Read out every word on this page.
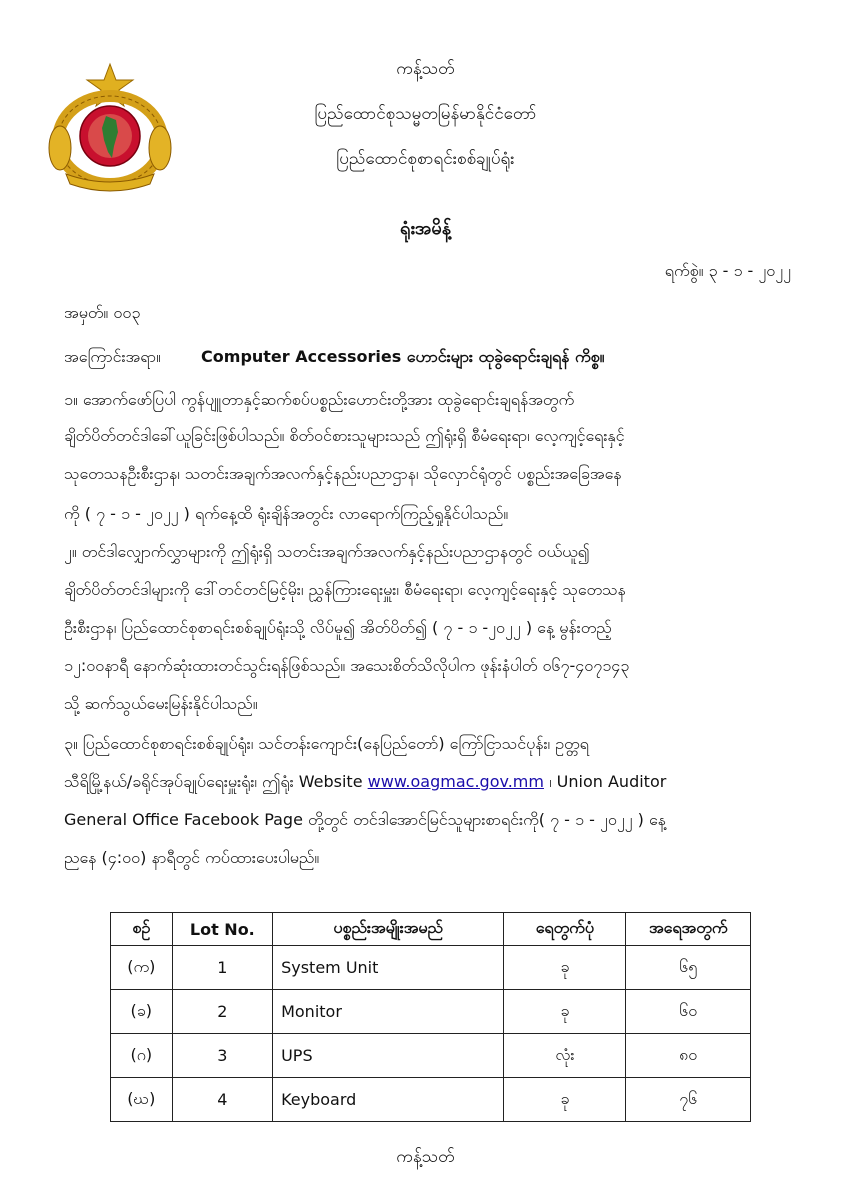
ကန့်သတ်
ပြည်ထောင်စုသမ္မတမြန်မာနိုင်ငံတော်
ပြည်ထောင်စုစာရင်းစစ်ချုပ်ရုံး
ရုံးအမိန့်
ရက်စွဲ။ ၃ - ၁ - ၂၀၂၂
အမှတ်။ ၀၀၃
အကြောင်းအရာ။	Computer Accessories ဟောင်းများ ထုခွဲရောင်းချရန် ကိစ္စ။
၁။ အောက်ဖော်ပြပါ ကွန်ပျူတာနှင့်ဆက်စပ်ပစ္စည်းဟောင်းတို့အား ထုခွဲရောင်းချရန်အတွက်
ချိတ်ပိတ်တင်ဒါခေါ်ယူခြင်းဖြစ်ပါသည်။ စိတ်ဝင်စားသူများသည် ဤရုံးရှိ စီမံရေးရာ၊ လေ့ကျင့်ရေးနှင့်
သုတေသနဦးစီးဌာန၊ သတင်းအချက်အလက်နှင့်နည်းပညာဌာန၊ သိုလှောင်ရုံတွင် ပစ္စည်းအခြေအနေ
ကို ( ၇ - ၁ - ၂၀၂၂ ) ရက်နေ့ထိ ရုံးချိန်အတွင်း လာရောက်ကြည့်ရှုနိုင်ပါသည်။
၂။ တင်ဒါလျှောက်လွှာများကို ဤရုံးရှိ သတင်းအချက်အလက်နှင့်နည်းပညာဌာနတွင် ဝယ်ယူ၍
ချိတ်ပိတ်တင်ဒါများကို ဒေါ်တင်တင်မြင့်မိုး၊ ညွှန်ကြားရေးမှူး၊ စီမံရေးရာ၊ လေ့ကျင့်ရေးနှင့် သုတေသန
ဦးစီးဌာန၊ ပြည်ထောင်စုစာရင်းစစ်ချုပ်ရုံးသို့ လိပ်မူ၍ အိတ်ပိတ်၍ ( ၇ - ၁ -၂၀၂၂ ) နေ့ မွန်းတည့်
၁၂:၀၀နာရီ နောက်ဆုံးထားတင်သွင်းရန်ဖြစ်သည်။ အသေးစိတ်သိလိုပါက ဖုန်းနံပါတ် ၀၆၇-၄၀၇၁၄၃
သို့ ဆက်သွယ်မေးမြန်းနိုင်ပါသည်။
၃။ ပြည်ထောင်စုစာရင်းစစ်ချုပ်ရုံး၊ သင်တန်းကျောင်း(နေပြည်တော်) ကြော်ငြာသင်ပုန်း၊ ဥတ္တရ
သီရိမြို့နယ်/ခရိုင်အုပ်ချုပ်ရေးမှူးရုံး၊ ဤရုံး Website www.oagmac.gov.mm ၊ Union Auditor
General Office Facebook Page တို့တွင် တင်ဒါအောင်မြင်သူများစာရင်းကို( ၇ - ၁ - ၂၀၂၂ ) နေ့
ညနေ (၄:၀၀) နာရီတွင် ကပ်ထားပေးပါမည်။
စဉ်	Lot No.	ပစ္စည်းအမျိုးအမည်	ရေတွက်ပုံ	အရေအတွက်
(က)	1	System Unit	ခု	၆၅
(ခ)	2	Monitor	ခု	၆၀
(ဂ)	3	UPS	လုံး	၈၀
(ဃ)	4	Keyboard	ခု	၇၆
ကန့်သတ်
